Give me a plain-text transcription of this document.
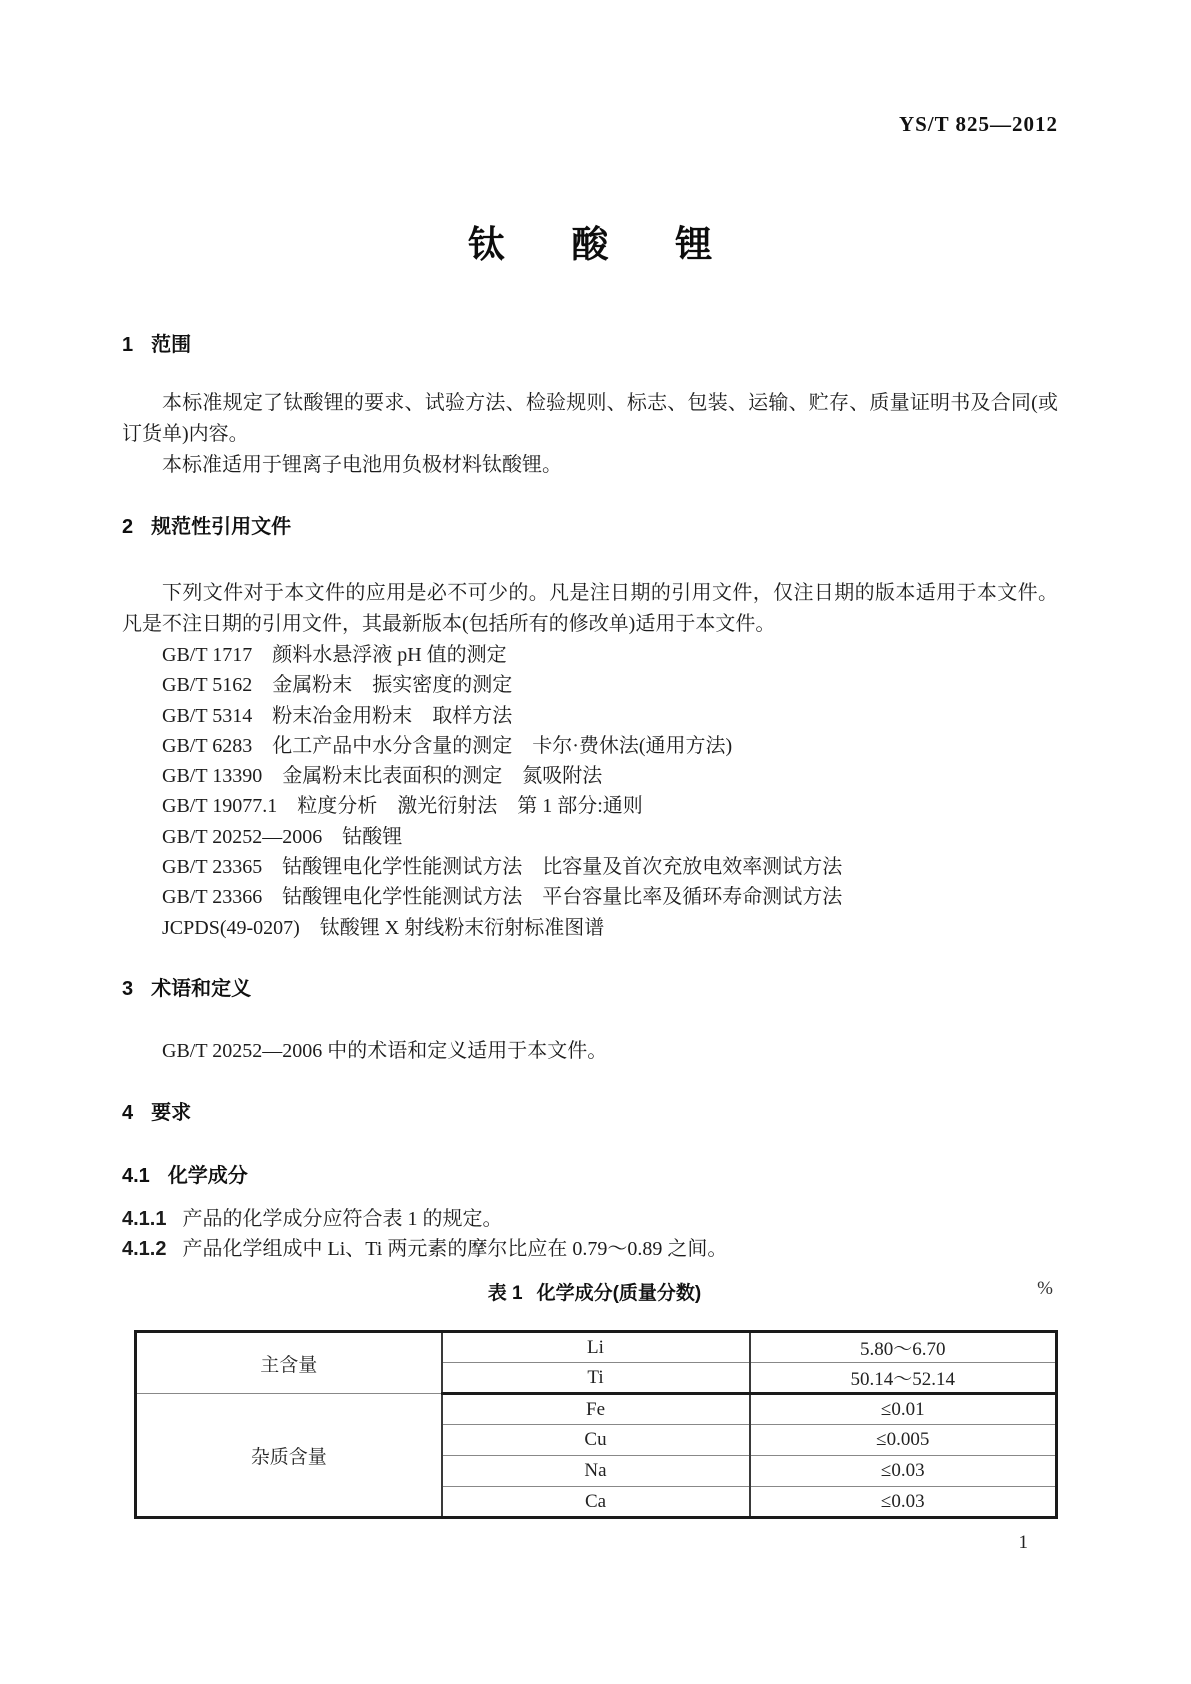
YS/T 825—2012
钛酸锂
1 范围
本标准规定了钛酸锂的要求、试验方法、检验规则、标志、包装、运输、贮存、质量证明书及合同(或订货单)内容。
本标准适用于锂离子电池用负极材料钛酸锂。
2 规范性引用文件
下列文件对于本文件的应用是必不可少的。凡是注日期的引用文件，仅注日期的版本适用于本文件。凡是不注日期的引用文件，其最新版本(包括所有的修改单)适用于本文件。
GB/T 1717　颜料水悬浮液 pH 值的测定
GB/T 5162　金属粉末　振实密度的测定
GB/T 5314　粉末冶金用粉末　取样方法
GB/T 6283　化工产品中水分含量的测定　卡尔·费休法(通用方法)
GB/T 13390　金属粉末比表面积的测定　氮吸附法
GB/T 19077.1　粒度分析　激光衍射法　第 1 部分:通则
GB/T 20252—2006　钴酸锂
GB/T 23365　钴酸锂电化学性能测试方法　比容量及首次充放电效率测试方法
GB/T 23366　钴酸锂电化学性能测试方法　平台容量比率及循环寿命测试方法
JCPDS(49-0207)　钛酸锂 X 射线粉末衍射标准图谱
3 术语和定义
GB/T 20252—2006 中的术语和定义适用于本文件。
4 要求
4.1 化学成分
4.1.1 产品的化学成分应符合表 1 的规定。
4.1.2 产品化学组成中 Li、Ti 两元素的摩尔比应在 0.79～0.89 之间。
表 1 化学成分(质量分数)	%
主含量	Li	5.80～6.70
	Ti	50.14～52.14
杂质含量	Fe	≤0.01
	Cu	≤0.005
	Na	≤0.03
	Ca	≤0.03
1
